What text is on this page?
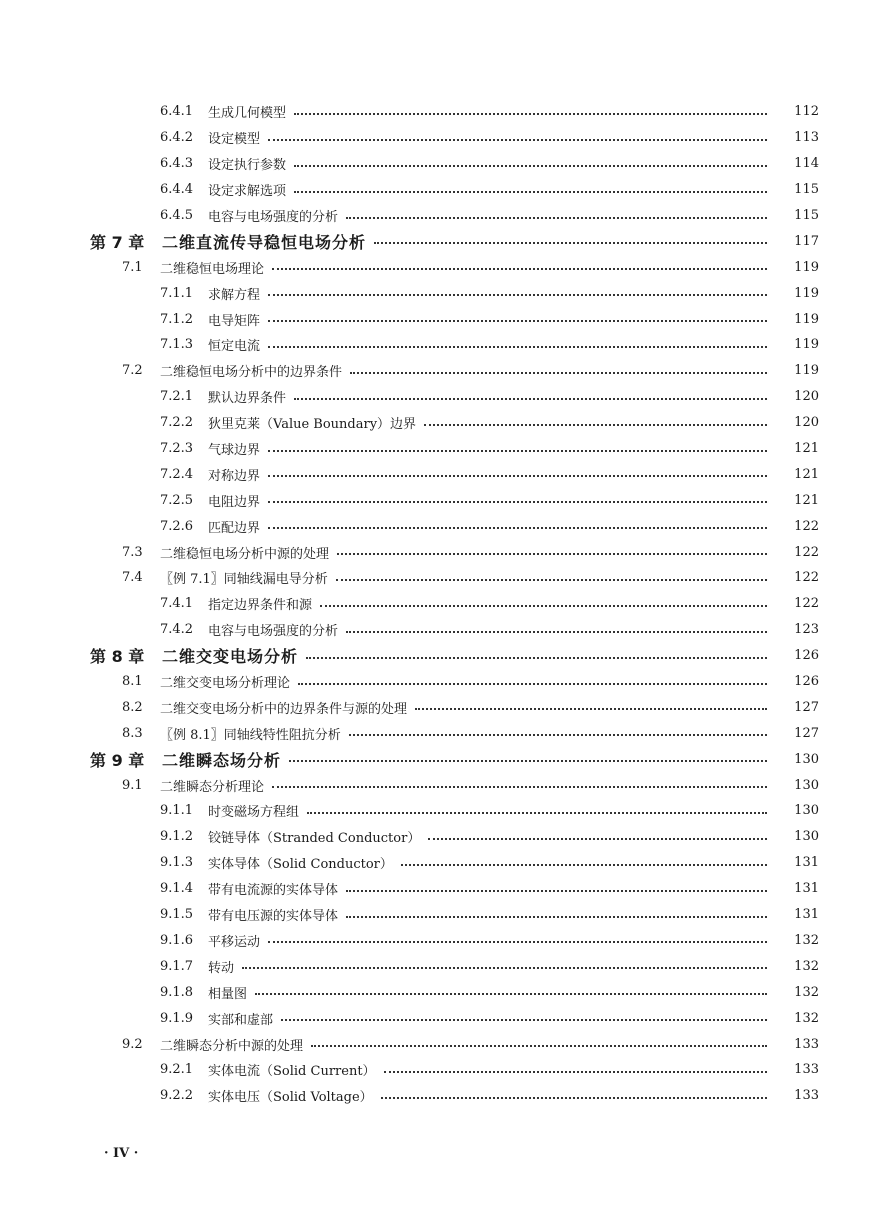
6.4.1 生成几何模型	112
6.4.2 设定模型	113
6.4.3 设定执行参数	114
6.4.4 设定求解选项	115
6.4.5 电容与电场强度的分析	115
第 7 章	二维直流传导稳恒电场分析	117
7.1	二维稳恒电场理论	119
7.1.1 求解方程	119
7.1.2 电导矩阵	119
7.1.3 恒定电流	119
7.2	二维稳恒电场分析中的边界条件	119
7.2.1 默认边界条件	120
7.2.2 狄里克莱（Value Boundary）边界	120
7.2.3 气球边界	121
7.2.4 对称边界	121
7.2.5 电阻边界	121
7.2.6 匹配边界	122
7.3	二维稳恒电场分析中源的处理	122
7.4	〖例 7.1〗同轴线漏电导分析	122
7.4.1 指定边界条件和源	122
7.4.2 电容与电场强度的分析	123
第 8 章	二维交变电场分析	126
8.1	二维交变电场分析理论	126
8.2	二维交变电场分析中的边界条件与源的处理	127
8.3	〖例 8.1〗同轴线特性阻抗分析	127
第 9 章	二维瞬态场分析	130
9.1	二维瞬态分析理论	130
9.1.1 时变磁场方程组	130
9.1.2 铰链导体（Stranded Conductor）	130
9.1.3 实体导体（Solid Conductor）	131
9.1.4 带有电流源的实体导体	131
9.1.5 带有电压源的实体导体	131
9.1.6 平移运动	132
9.1.7 转动	132
9.1.8 相量图	132
9.1.9 实部和虚部	132
9.2	二维瞬态分析中源的处理	133
9.2.1 实体电流（Solid Current）	133
9.2.2 实体电压（Solid Voltage）	133
· IV ·
